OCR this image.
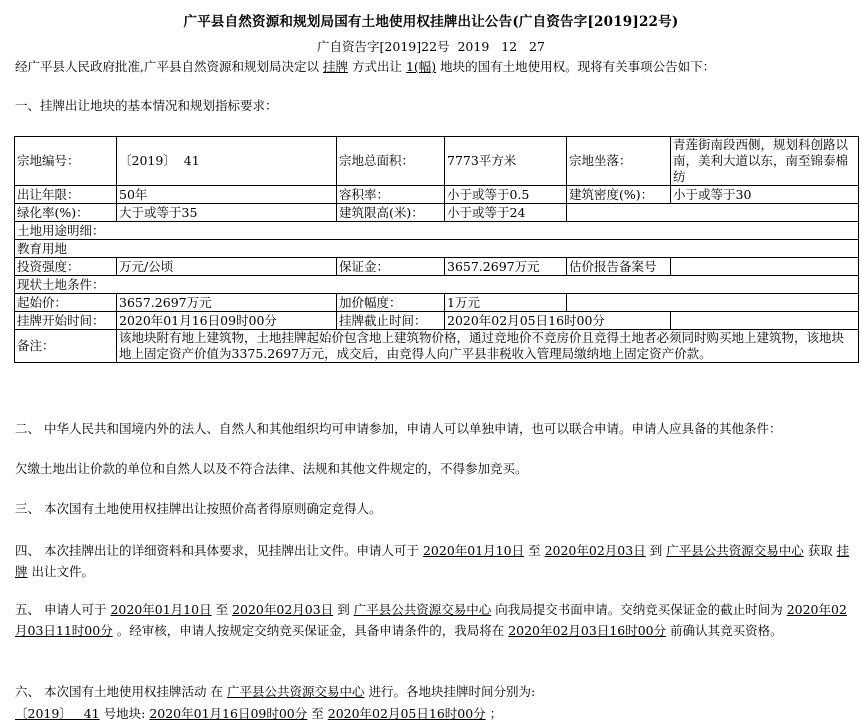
广平县自然资源和规划局国有土地使用权挂牌出让公告(广自资告字[2019]22号)
广自资告字[2019]22号  2019   12   27
经广平县人民政府批准,广平县自然资源和规划局决定以 挂牌 方式出让 1(幅) 地块的国有土地使用权。现将有关事项公告如下：
一、挂牌出让地块的基本情况和规划指标要求：
宗地编号：	〔2019〕  41	宗地总面积：	7773平方米	宗地坐落：	青莲街南段西侧，规划科创路以南，美利大道以东，南至锦泰棉纺
出让年限：	50年	容积率：	小于或等于0.5	建筑密度(%)：	小于或等于30
绿化率(%)：	大于或等于35	建筑限高(米)：	小于或等于24		
土地用途明细：					
教育用地					
投资强度：	万元/公顷	保证金：	3657.2697万元	估价报告备案号	
现状土地条件：					
起始价：	3657.2697万元	加价幅度：	1万元		
挂牌开始时间：	2020年01月16日09时00分	挂牌截止时间：	2020年02月05日16时00分		
备注：	该地块附有地上建筑物，土地挂牌起始价包含地上建筑物价格，通过竞地价不竞房价且竞得土地者必须同时购买地上建筑物，该地块地上固定资产价值为3375.2697万元，成交后，由竞得人向广平县非税收入管理局缴纳地上固定资产价款。				
二、 中华人民共和国境内外的法人、自然人和其他组织均可申请参加，申请人可以单独申请，也可以联合申请。申请人应具备的其他条件：
欠缴土地出让价款的单位和自然人以及不符合法律、法规和其他文件规定的，不得参加竞买。
三、 本次国有土地使用权挂牌出让按照价高者得原则确定竞得人。
四、 本次挂牌出让的详细资料和具体要求，见挂牌出让文件。申请人可于 2020年01月10日 至 2020年02月03日 到 广平县公共资源交易中心 获取 挂牌 出让文件。
五、 申请人可于 2020年01月10日 至 2020年02月03日 到 广平县公共资源交易中心 向我局提交书面申请。交纳竞买保证金的截止时间为 2020年02月03日11时00分 。经审核，申请人按规定交纳竞买保证金，具备申请条件的，我局将在 2020年02月03日16时00分 前确认其竞买资格。
六、 本次国有土地使用权挂牌活动 在 广平县公共资源交易中心 进行。各地块挂牌时间分别为:
〔2019〕   41 号地块: 2020年01月16日09时00分 至 2020年02月05日16时00分 ；
